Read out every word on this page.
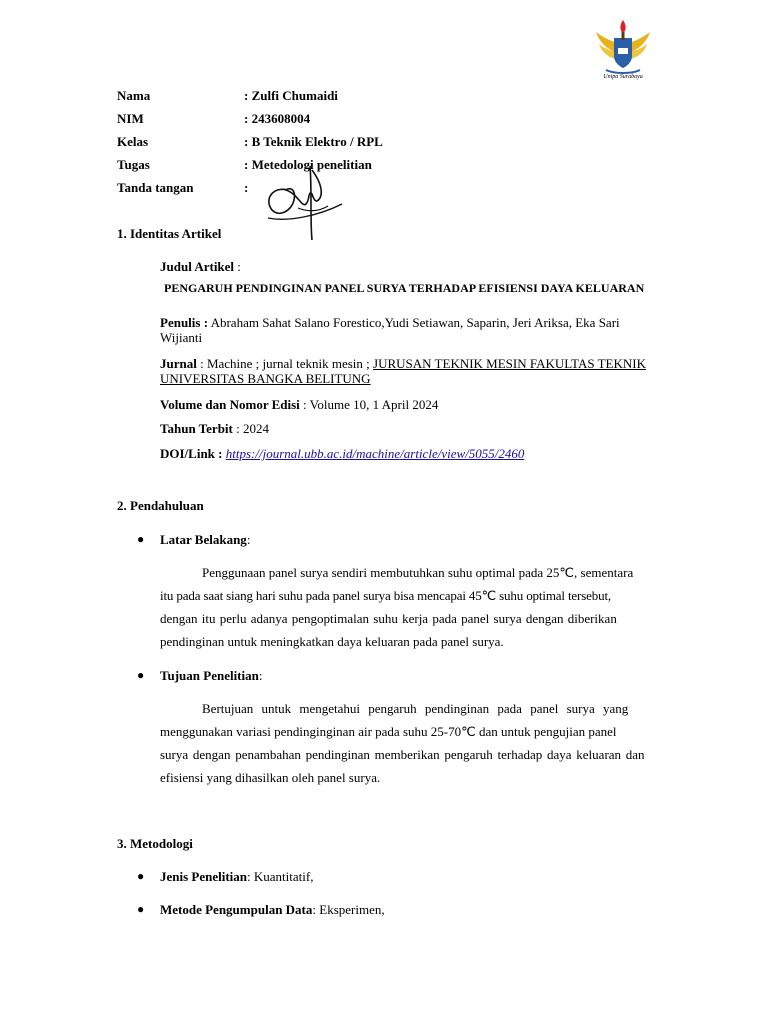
Unipa Surabaya
Nama	: Zulfi Chumaidi
NIM	: 243608004
Kelas	: B Teknik Elektro / RPL
Tugas	: Metedologi penelitian
Tanda tangan	:
1. Identitas Artikel
Judul Artikel :
PENGARUH PENDINGINAN PANEL SURYA TERHADAP EFISIENSI DAYA KELUARAN
Penulis : Abraham Sahat Salano Forestico,Yudi Setiawan, Saparin, Jeri Ariksa, Eka Sari
Wijianti
Jurnal : Machine ; jurnal teknik mesin ; JURUSAN TEKNIK MESIN FAKULTAS TEKNIK
UNIVERSITAS BANGKA BELITUNG
Volume dan Nomor Edisi : Volume 10, 1 April 2024
Tahun Terbit : 2024
DOI/Link : https://journal.ubb.ac.id/machine/article/view/5055/2460
2. Pendahuluan
● Latar Belakang:
Penggunaan panel surya sendiri membutuhkan suhu optimal pada 25℃, sementara
itu pada saat siang hari suhu pada panel surya bisa mencapai 45℃ suhu optimal tersebut,
dengan itu perlu adanya pengoptimalan suhu kerja pada panel surya dengan diberikan
pendinginan untuk meningkatkan daya keluaran pada panel surya.
● Tujuan Penelitian:
Bertujuan untuk mengetahui pengaruh pendinginan pada panel surya yang
menggunakan variasi pendinginginan air pada suhu 25-70℃ dan untuk pengujian panel
surya dengan penambahan pendinginan memberikan pengaruh terhadap daya keluaran dan
efisiensi yang dihasilkan oleh panel surya.
3. Metodologi
● Jenis Penelitian: Kuantitatif,
● Metode Pengumpulan Data: Eksperimen,
